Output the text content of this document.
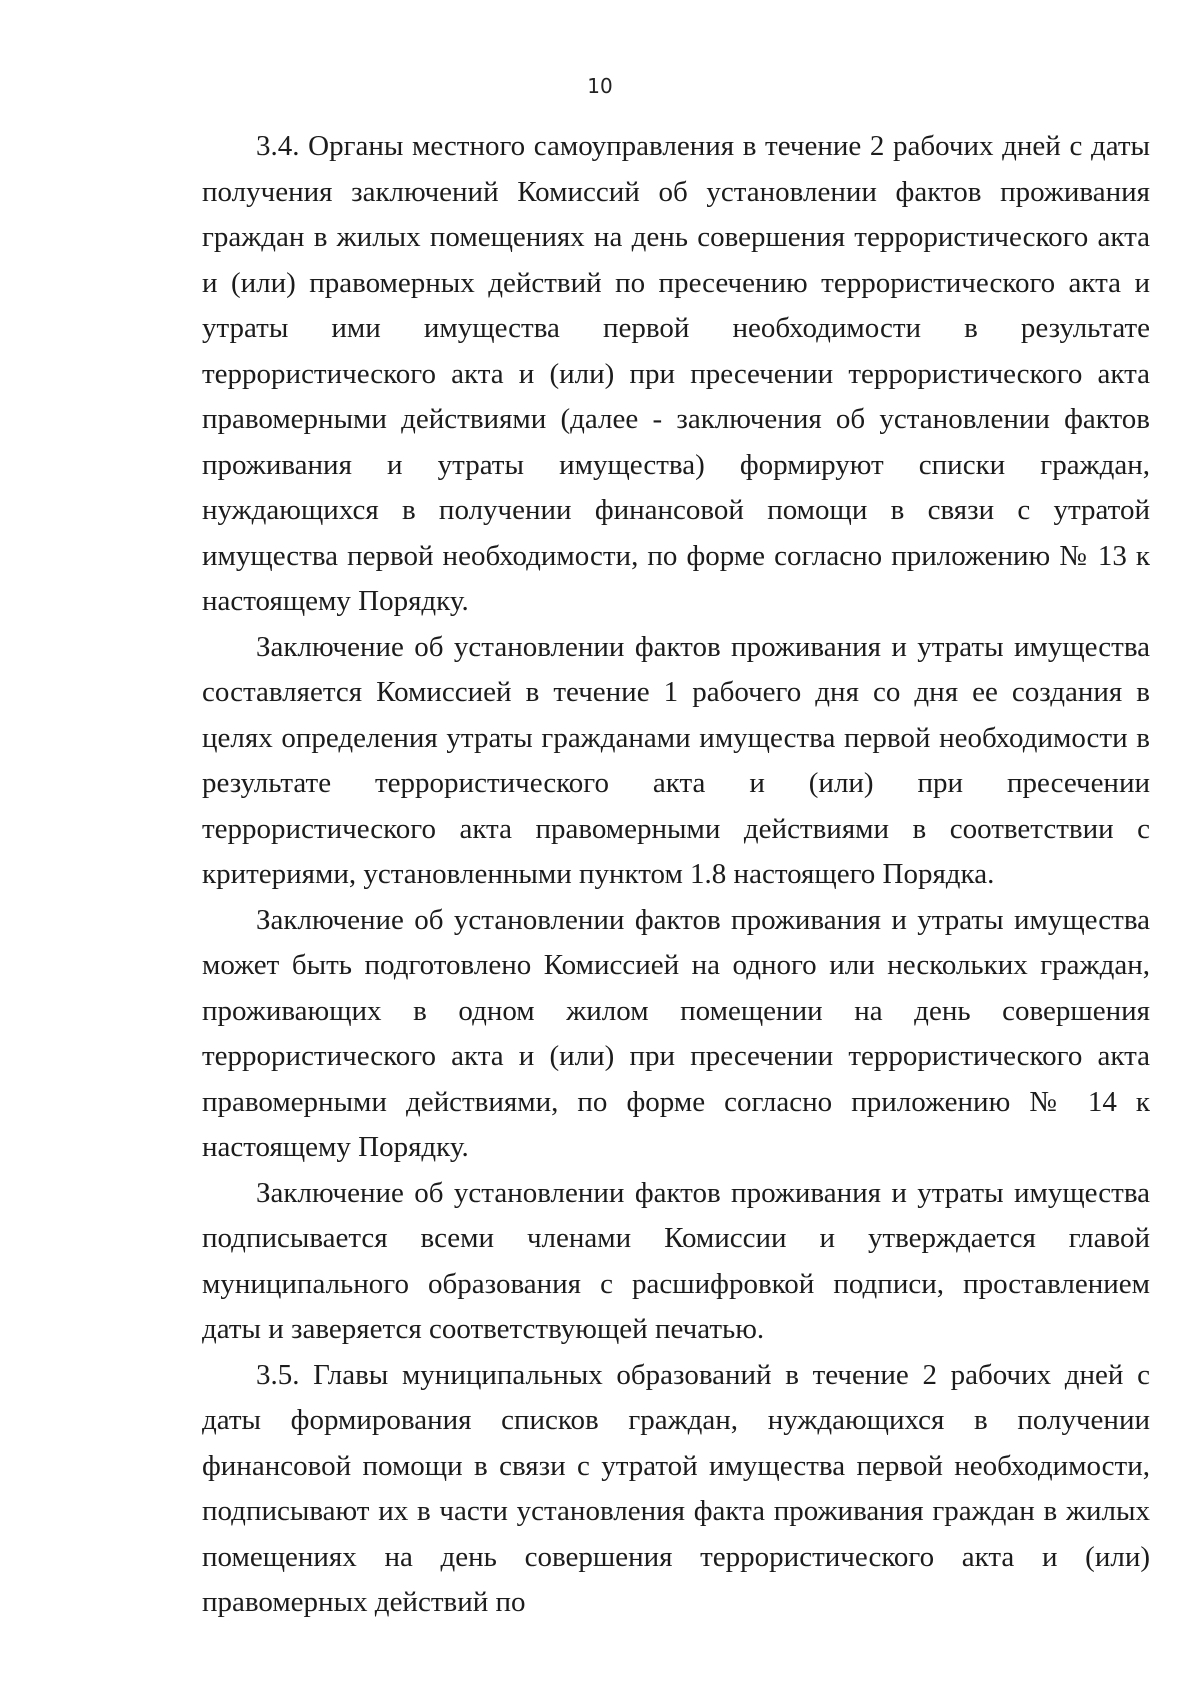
10

3.4. Органы местного самоуправления в течение 2 рабочих дней с даты получения заключений Комиссий об установлении фактов проживания граждан в жилых помещениях на день совершения террористического акта и (или) правомерных действий по пресечению террористического акта и утраты ими имущества первой необходимости в результате террористического акта и (или) при пресечении террористического акта правомерными действиями (далее - заключения об установлении фактов проживания и утраты имущества) формируют списки граждан, нуждающихся в получении финансовой помощи в связи с утратой имущества первой необходимости, по форме согласно приложению № 13 к настоящему Порядку.

Заключение об установлении фактов проживания и утраты имущества составляется Комиссией в течение 1 рабочего дня со дня ее создания в целях определения утраты гражданами имущества первой необходимости в результате террористического акта и (или) при пресечении террористического акта правомерными действиями в соответствии с критериями, установленными пунктом 1.8 настоящего Порядка.

Заключение об установлении фактов проживания и утраты имущества может быть подготовлено Комиссией на одного или нескольких граждан, проживающих в одном жилом помещении на день совершения террористического акта и (или) при пресечении террористического акта правомерными действиями, по форме согласно приложению № 14 к настоящему Порядку.

Заключение об установлении фактов проживания и утраты имущества подписывается всеми членами Комиссии и утверждается главой муниципального образования с расшифровкой подписи, проставлением даты и заверяется соответствующей печатью.

3.5. Главы муниципальных образований в течение 2 рабочих дней с даты формирования списков граждан, нуждающихся в получении финансовой помощи в связи с утратой имущества первой необходимости, подписывают их в части установления факта проживания граждан в жилых помещениях на день совершения террористического акта и (или) правомерных действий по
